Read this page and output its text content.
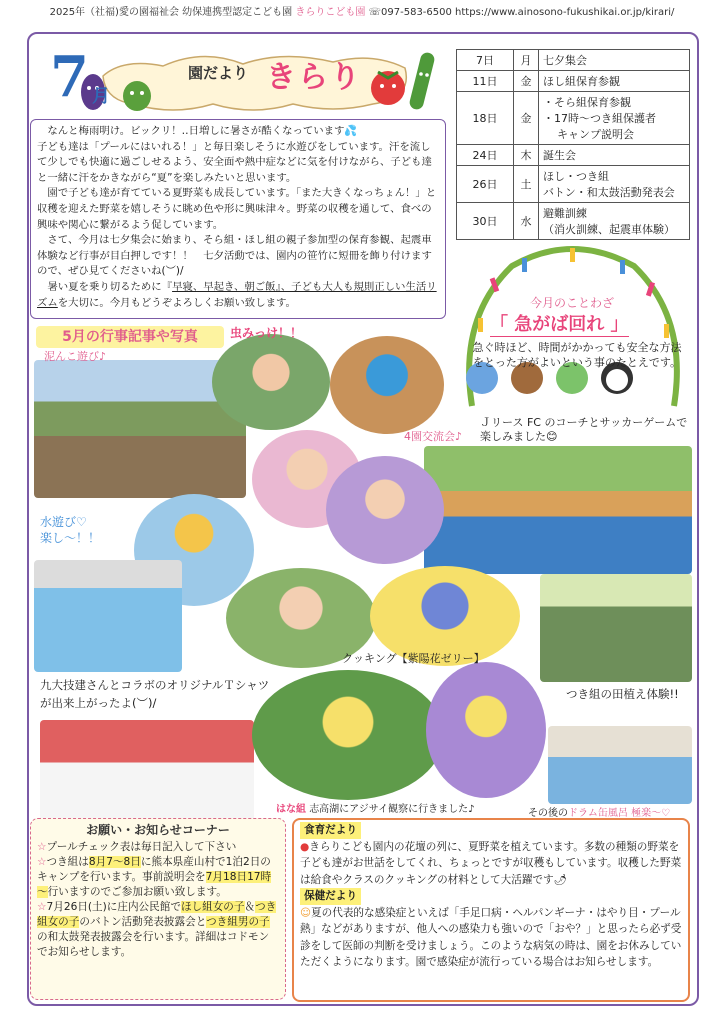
2025年（社福)愛の園福祉会 幼保連携型認定こども園 きらりこども園 ☏097-583-6500 https://www.ainosono-fukushikai.or.jp/kirari/
7 月
園だより きらり	7日	月	七夕集会

11日	金	ほし組保育参観

18日	金	・そら組保育参観
・17時～つき組保護者
キャンプ説明会

24日	木	誕生会

26日	土	ほし・つき組
バトン・和太鼓活動発表会

30日	水	避難訓練
（消火訓練、起震車体験）

なんと梅雨明け。ビックリ！‥日増しに暑さが酷くなっています💦

子ども達は「プールにはいれる！」と毎日楽しそうに水遊びをしています。汗を流して少しでも快適に過ごしせるよう、安全面や熱中症などに気を付けながら、子ども達と一緒に汗をかきながら“夏”を楽しみたいと思います。

園で子ども達が育てている夏野菜も成長しています。「また大きくなっちょん！」と収穫を迎えた野菜を嬉しそうに眺め色や形に興味津々。野菜の収穫を通して、食べの興味や関心に繋がるよう促しています。

さて、今月は七夕集会に始まり、そら組・ほし組の親子参加型の保育参観、起震車体験など行事が目白押しです！！　七夕活動では、園内の笹竹に短冊を飾り付けますので、ぜひ見てくださいね(︶)/

暑い夏を乗り切るために『早寝、早起き、朝ご飯』、子ども大人も規則正しい生活リズムを大切に。今月もどうぞよろしくお願い致します。	今月のことわざ
「 急がば回れ 」
急ぐ時ほど、時間がかかっても安全な方法をとった方がよいという事のたとえです。
5月の行事記事や写真
泥んこ遊び♪
虫みっけ！！
4園交流会♪
Ｊリース FC のコーチとサッカーゲームで楽しみました😊
水遊び♡
楽し～！！
クッキング【紫陽花ゼリー】
九大技建さんとコラボのオリジナルＴシャツが出来上がったよ(︶)/
つき組の田植え体験!!
はな組 志高湖にアジサイ観察に行きました♪	その後のドラム缶風呂 極楽～♡
お願い・お知らせコーナー
☆プールチェック表は毎日記入して下さい
☆つき組は8月7～8日に熊本県産山村で1泊2日のキャンプを行います。事前説明会を7月18日17時～行いますのでご参加お願い致します。
☆7月26日(土)に庄内公民館でほし組女の子＆つき組女の子のバトン活動発表披露会とつき組男の子の和太鼓発表披露会を行います。詳細はコドモンでお知らせします。
食育だより

●きらりこども園内の花壇の列に、夏野菜を植えています。多数の種類の野菜を子ども達がお世話をしてくれ、ちょっとですが収穫もしています。収穫した野菜は給食やクラスのクッキングの材料として大活躍です🌶

保健だより

☺夏の代表的な感染症といえば「手足口病・ヘルパンギーナ・はやり目・プール熱」などがありますが、他人への感染力も強いので「おや？」と思ったら必ず受診をして医師の判断を受けましょう。このような病気の時は、園をお休みしていただくようになります。園で感染症が流行っている場合はお知らせします。
